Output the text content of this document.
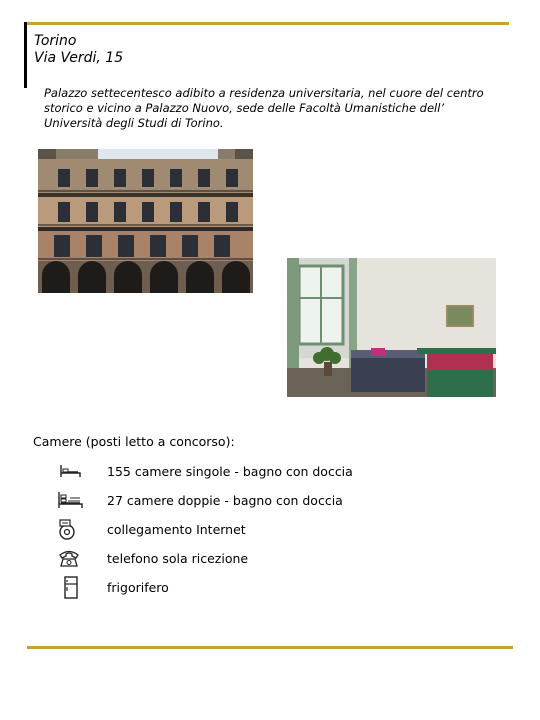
Torino
Via Verdi, 15
Palazzo settecentesco adibito a residenza universitaria, nel cuore del centro storico e vicino a Palazzo Nuovo, sede delle Facoltà Umanistiche dell’ Università degli Studi di Torino.
Camere (posti letto a concorso):
155 camere singole - bagno con doccia
27 camere doppie - bagno con doccia
collegamento Internet
telefono sola ricezione
frigorifero
